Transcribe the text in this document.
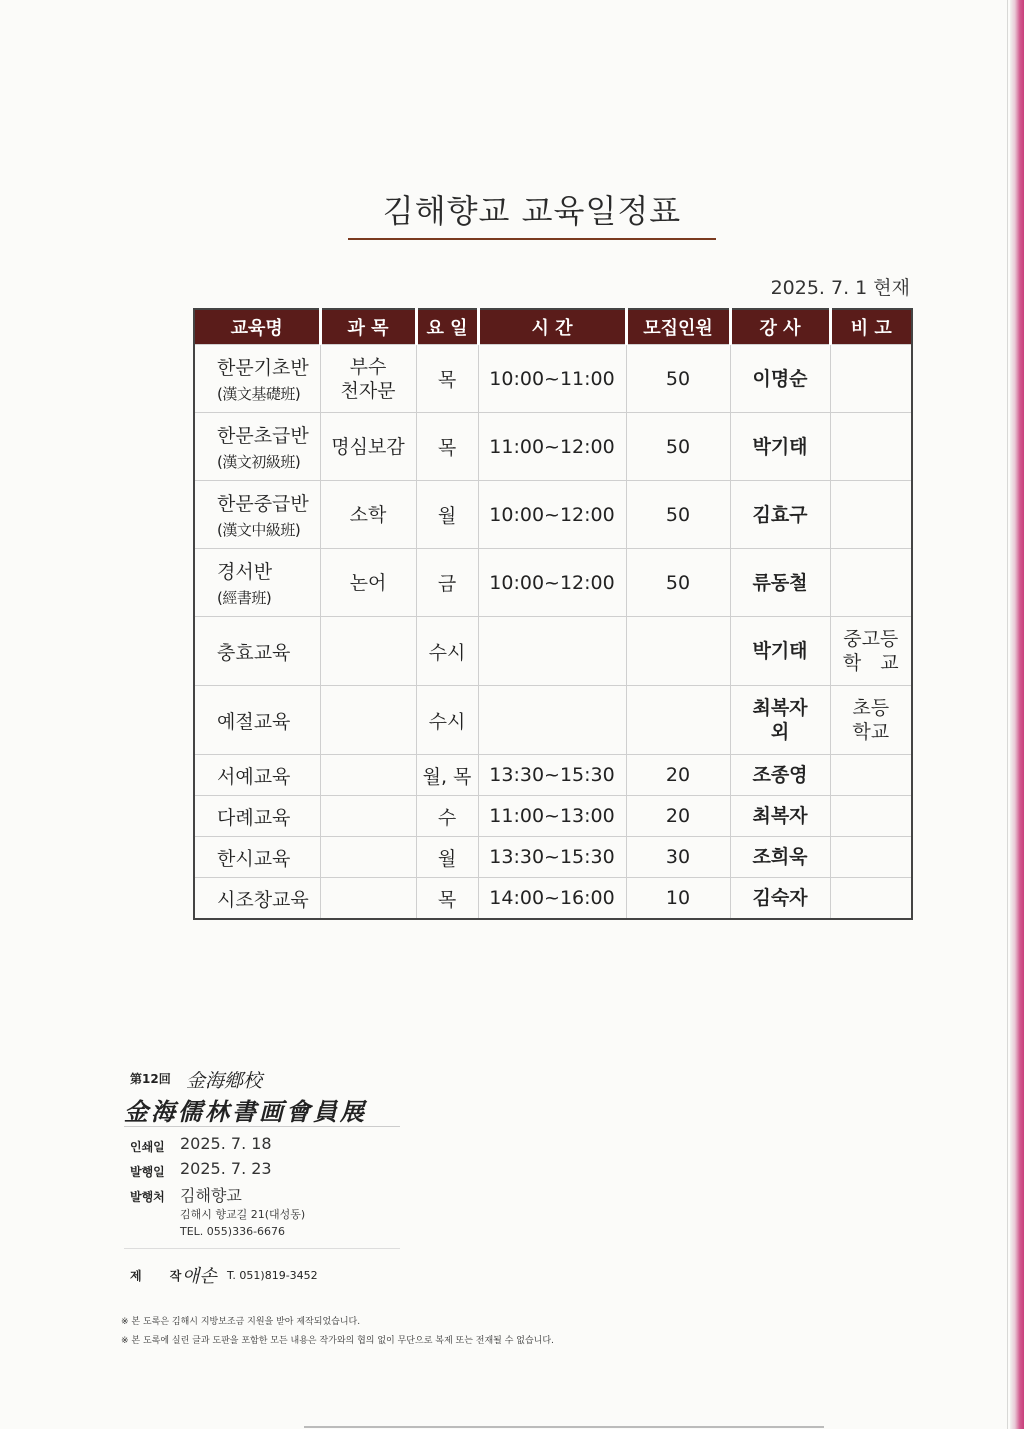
김해향교 교육일정표
2025. 7. 1 현재
교육명	과 목	요 일	시 간	모집인원	강 사	비 고

한문기초반
(漢文基礎班)	부수
천자문	목	10:00~11:00	50	이명순	

한문초급반
(漢文初級班)	명심보감	목	11:00~12:00	50	박기태	

한문중급반
(漢文中級班)	소학	월	10:00~12:00	50	김효구	

경서반
(經書班)	논어	금	10:00~12:00	50	류동철	

충효교육		수시			박기태	중고등
학　교

예절교육		수시			최복자
외	초등
학교

서예교육		월, 목	13:30~15:30	20	조종영	

다례교육		수	11:00~13:00	20	최복자	

한시교육		월	13:30~15:30	30	조희욱	

시조창교육		목	14:00~16:00	10	김숙자	
第12回 金海鄕校
金海儒林書画會員展
인쇄일 2025. 7. 18
발행일 2025. 7. 23
발행처 김해향교
김해시 향교길 21(대성동)
TEL. 055)336-6676
제 작
애손 T. 051)819-3452
※ 본 도록은 김해시 지방보조금 지원을 받아 제작되었습니다.
※ 본 도록에 실린 글과 도판을 포함한 모든 내용은 작가와의 협의 없이 무단으로 복제 또는 전재될 수 없습니다.
